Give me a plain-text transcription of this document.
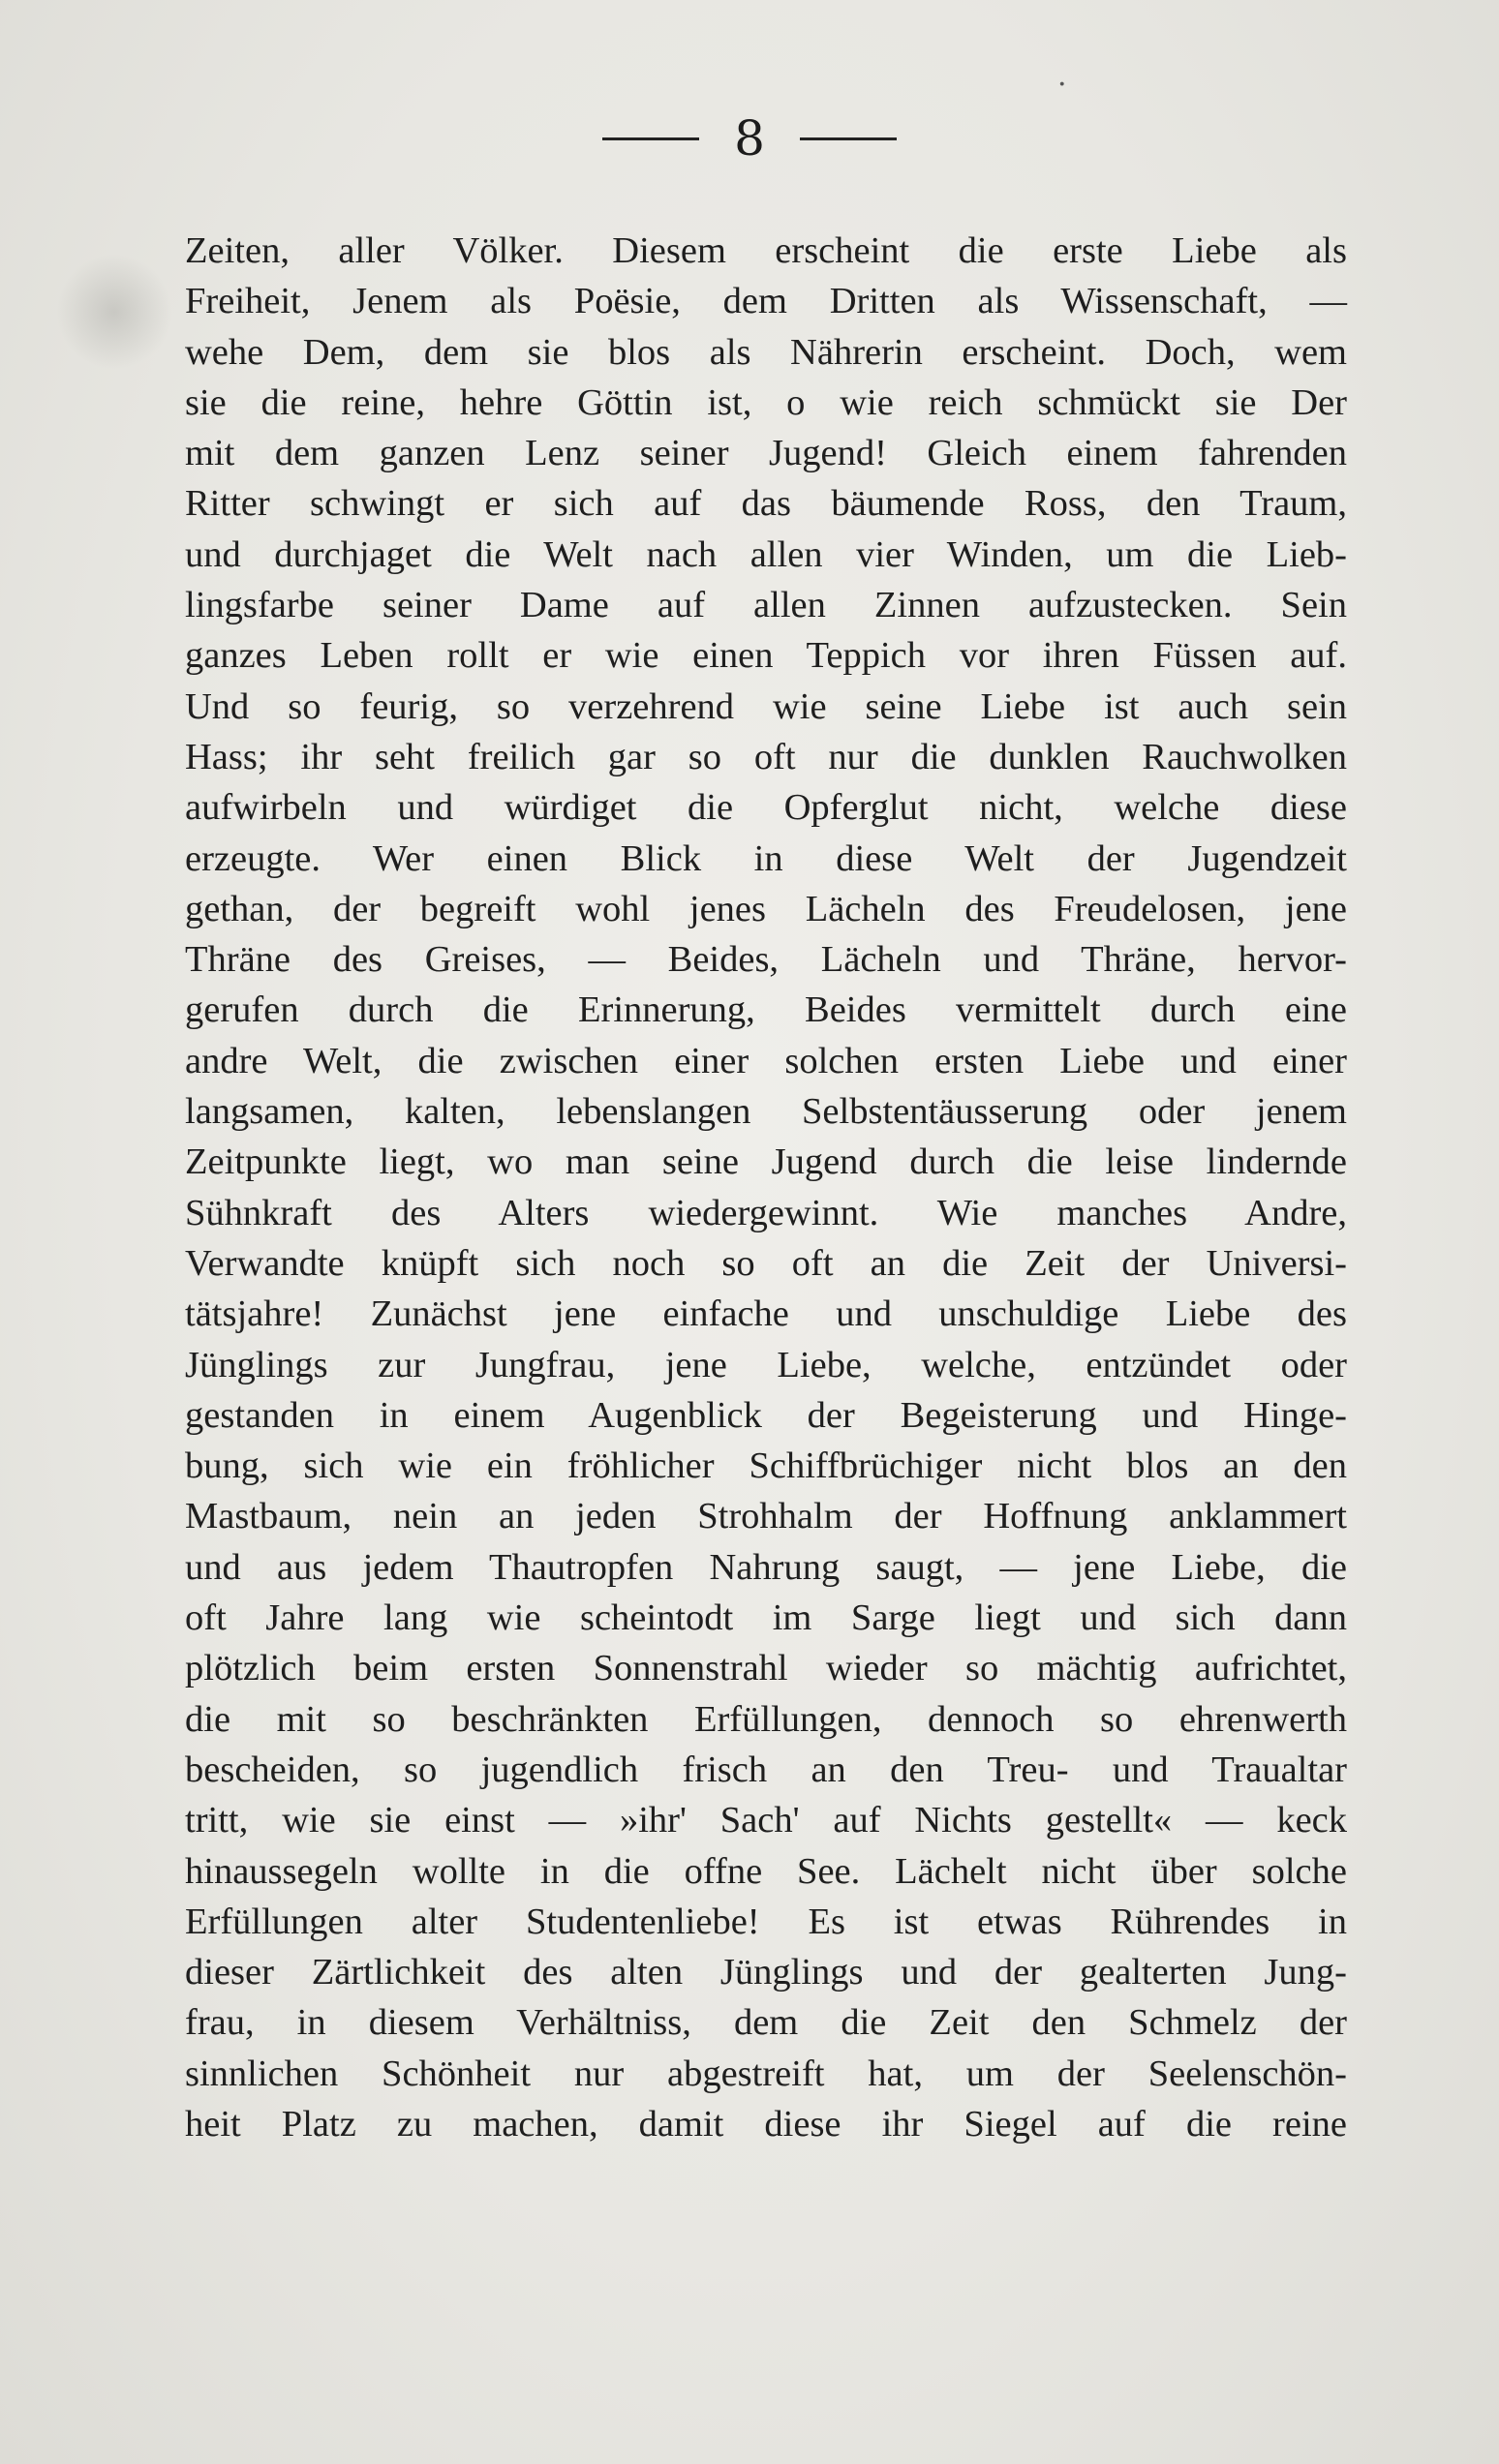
·
8
Zeiten, aller Völker. Diesem erscheint die erste Liebe als
Freiheit, Jenem als Poësie, dem Dritten als Wissenschaft, —
wehe Dem, dem sie blos als Nährerin erscheint. Doch, wem
sie die reine, hehre Göttin ist, o wie reich schmückt sie Der
mit dem ganzen Lenz seiner Jugend! Gleich einem fahrenden
Ritter schwingt er sich auf das bäumende Ross, den Traum,
und durchjaget die Welt nach allen vier Winden, um die Lieb-
lingsfarbe seiner Dame auf allen Zinnen aufzustecken. Sein
ganzes Leben rollt er wie einen Teppich vor ihren Füssen auf.
Und so feurig, so verzehrend wie seine Liebe ist auch sein
Hass; ihr seht freilich gar so oft nur die dunklen Rauchwolken
aufwirbeln und würdiget die Opferglut nicht, welche diese
erzeugte. Wer einen Blick in diese Welt der Jugendzeit
gethan, der begreift wohl jenes Lächeln des Freudelosen, jene
Thräne des Greises, — Beides, Lächeln und Thräne, hervor-
gerufen durch die Erinnerung, Beides vermittelt durch eine
andre Welt, die zwischen einer solchen ersten Liebe und einer
langsamen, kalten, lebenslangen Selbstentäusserung oder jenem
Zeitpunkte liegt, wo man seine Jugend durch die leise lindernde
Sühnkraft des Alters wiedergewinnt. Wie manches Andre,
Verwandte knüpft sich noch so oft an die Zeit der Universi-
tätsjahre! Zunächst jene einfache und unschuldige Liebe des
Jünglings zur Jungfrau, jene Liebe, welche, entzündet oder
gestanden in einem Augenblick der Begeisterung und Hinge-
bung, sich wie ein fröhlicher Schiffbrüchiger nicht blos an den
Mastbaum, nein an jeden Strohhalm der Hoffnung anklammert
und aus jedem Thautropfen Nahrung saugt, — jene Liebe, die
oft Jahre lang wie scheintodt im Sarge liegt und sich dann
plötzlich beim ersten Sonnenstrahl wieder so mächtig aufrichtet,
die mit so beschränkten Erfüllungen, dennoch so ehrenwerth
bescheiden, so jugendlich frisch an den Treu- und Traualtar
tritt, wie sie einst — »ihr' Sach' auf Nichts gestellt« — keck
hinaussegeln wollte in die offne See. Lächelt nicht über solche
Erfüllungen alter Studentenliebe! Es ist etwas Rührendes in
dieser Zärtlichkeit des alten Jünglings und der gealterten Jung-
frau, in diesem Verhältniss, dem die Zeit den Schmelz der
sinnlichen Schönheit nur abgestreift hat, um der Seelenschön-
heit Platz zu machen, damit diese ihr Siegel auf die reine
